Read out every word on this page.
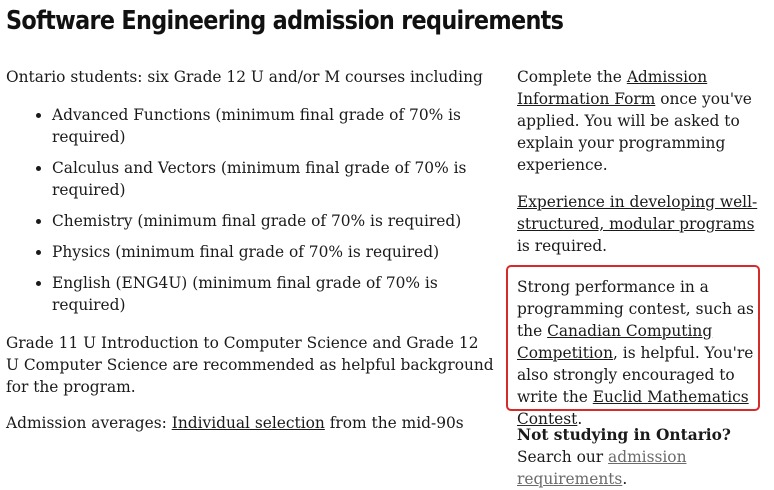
Software Engineering admission requirements

Ontario students: six Grade 12 U and/or M courses including

• Advanced Functions (minimum final grade of 70% is required)
• Calculus and Vectors (minimum final grade of 70% is required)
• Chemistry (minimum final grade of 70% is required)
• Physics (minimum final grade of 70% is required)
• English (ENG4U) (minimum final grade of 70% is required)

Grade 11 U Introduction to Computer Science and Grade 12 U Computer Science are recommended as helpful background for the program.

Admission averages: Individual selection from the mid-90s

Complete the Admission Information Form once you've applied. You will be asked to explain your programming experience.

Experience in developing well-structured, modular programs is required.

Strong performance in a programming contest, such as the Canadian Computing Competition, is helpful. You're also strongly encouraged to write the Euclid Mathematics Contest.

Not studying in Ontario?
Search our admission requirements.
